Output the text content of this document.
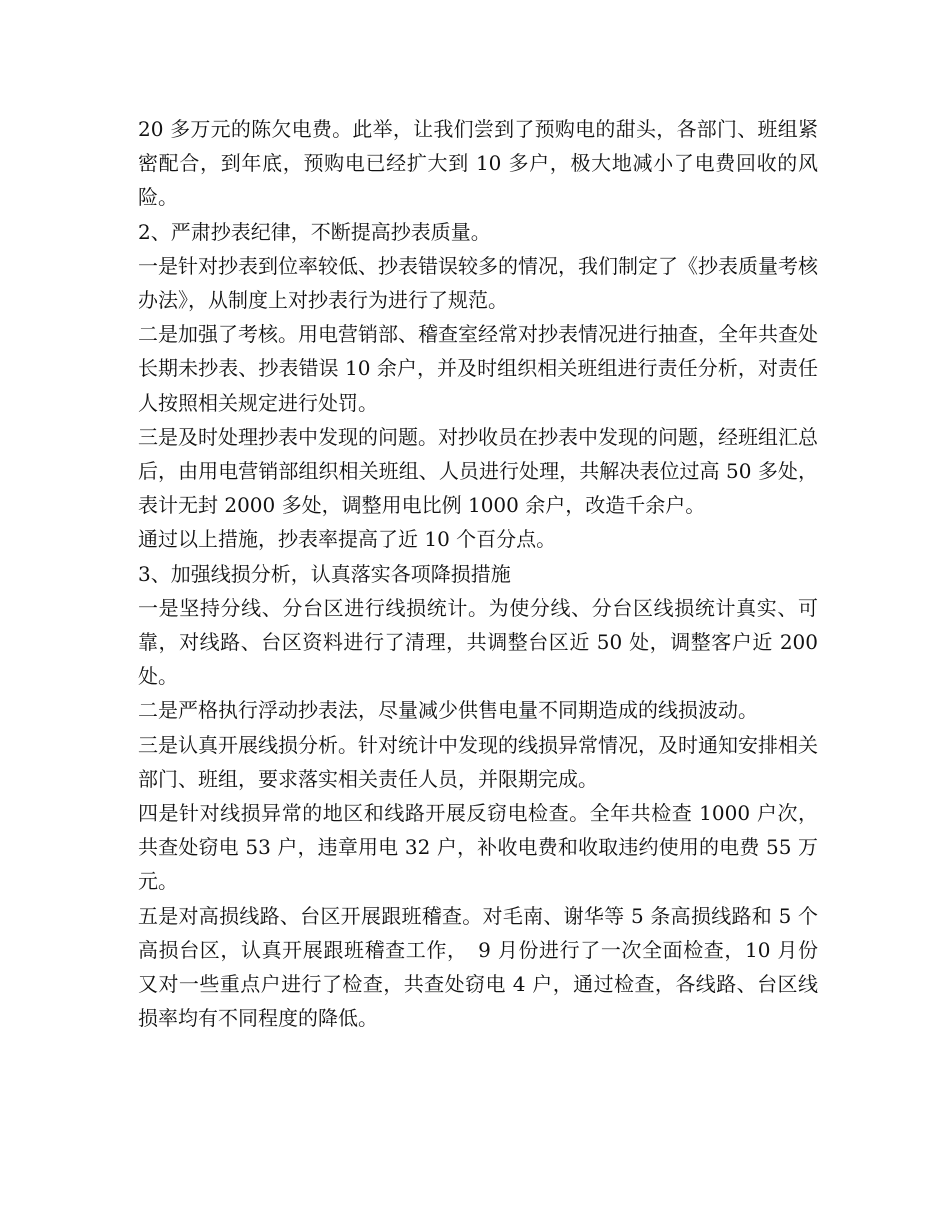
20 多万元的陈欠电费。此举，让我们尝到了预购电的甜头，各部门、班组紧密配合，到年底，预购电已经扩大到 10 多户，极大地减小了电费回收的风险。

2、严肃抄表纪律，不断提高抄表质量。

一是针对抄表到位率较低、抄表错误较多的情况，我们制定了《抄表质量考核办法》，从制度上对抄表行为进行了规范。

二是加强了考核。用电营销部、稽查室经常对抄表情况进行抽查，全年共查处长期未抄表、抄表错误 10 余户，并及时组织相关班组进行责任分析，对责任人按照相关规定进行处罚。

三是及时处理抄表中发现的问题。对抄收员在抄表中发现的问题，经班组汇总后，由用电营销部组织相关班组、人员进行处理，共解决表位过高 50 多处，表计无封 2000 多处，调整用电比例 1000 余户，改造千余户。

通过以上措施，抄表率提高了近 10 个百分点。

3、加强线损分析，认真落实各项降损措施

一是坚持分线、分台区进行线损统计。为使分线、分台区线损统计真实、可靠，对线路、台区资料进行了清理，共调整台区近 50 处，调整客户近 200 处。

二是严格执行浮动抄表法，尽量减少供售电量不同期造成的线损波动。

三是认真开展线损分析。针对统计中发现的线损异常情况，及时通知安排相关部门、班组，要求落实相关责任人员，并限期完成。

四是针对线损异常的地区和线路开展反窃电检查。全年共检查 1000 户次，共查处窃电 53 户，违章用电 32 户，补收电费和收取违约使用的电费 55 万元。

五是对高损线路、台区开展跟班稽查。对毛南、谢华等 5 条高损线路和 5 个高损台区，认真开展跟班稽查工作，　9 月份进行了一次全面检查，10 月份又对一些重点户进行了检查，共查处窃电 4 户，通过检查，各线路、台区线损率均有不同程度的降低。
